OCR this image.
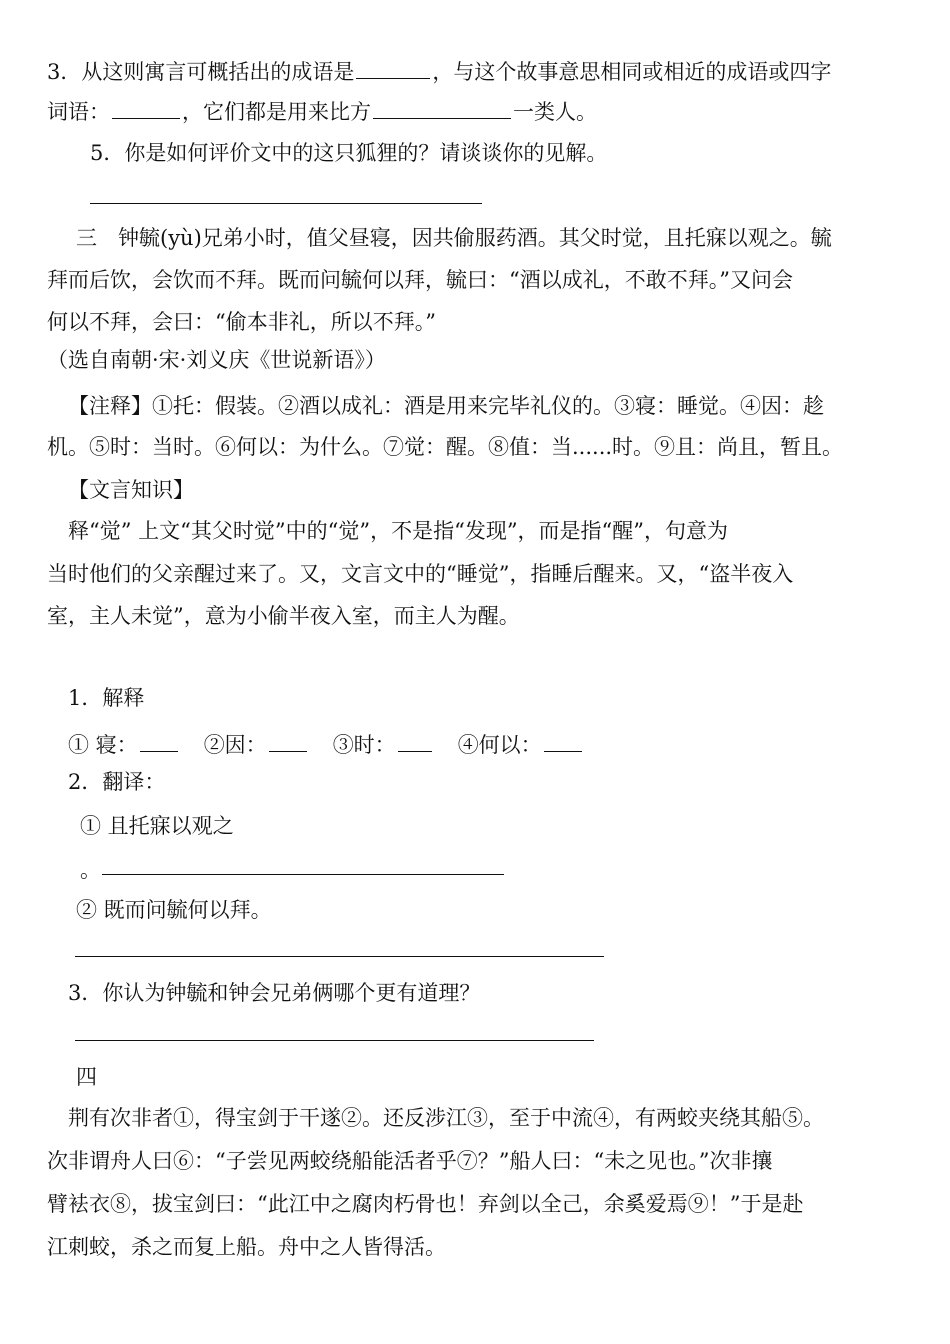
3．从这则寓言可概括出的成语是	，与这个故事意思相同或相近的成语或四字
词语：	，它们都是用来比方	一类人。
5．你是如何评价文中的这只狐狸的？请谈谈你的见解。
三　钟毓(yù)兄弟小时，值父昼寝，因共偷服药酒。其父时觉，且托寐以观之。毓
拜而后饮，会饮而不拜。既而问毓何以拜，毓曰：“酒以成礼，不敢不拜。”又问会
何以不拜，会曰：“偷本非礼，所以不拜。”
（选自南朝·宋·刘义庆《世说新语》）
【注释】①托：假装。②酒以成礼：酒是用来完毕礼仪的。③寝：睡觉。④因：趁
机。⑤时：当时。⑥何以：为什么。⑦觉：醒。⑧值：当......时。⑨且：尚且，暂且。
【文言知识】
释“觉” 上文“其父时觉”中的“觉”，不是指“发现”，而是指“醒”，句意为
当时他们的父亲醒过来了。又，文言文中的“睡觉”，指睡后醒来。又，“盗半夜入
室，主人未觉”，意为小偷半夜入室，而主人为醒。
1．解释
① 寝：	②因：	③时：	④何以：
2．翻译：
① 且托寐以观之
。
② 既而问毓何以拜。
3．你认为钟毓和钟会兄弟俩哪个更有道理？
四
荆有次非者①，得宝剑于干遂②。还反涉江③，至于中流④，有两蛟夹绕其船⑤。
次非谓舟人曰⑥：“子尝见两蛟绕船能活者乎⑦？”船人曰：“未之见也。”次非攘
臂袪衣⑧，拔宝剑曰：“此江中之腐肉朽骨也！弃剑以全己，余奚爱焉⑨！”于是赴
江刺蛟，杀之而复上船。舟中之人皆得活。
